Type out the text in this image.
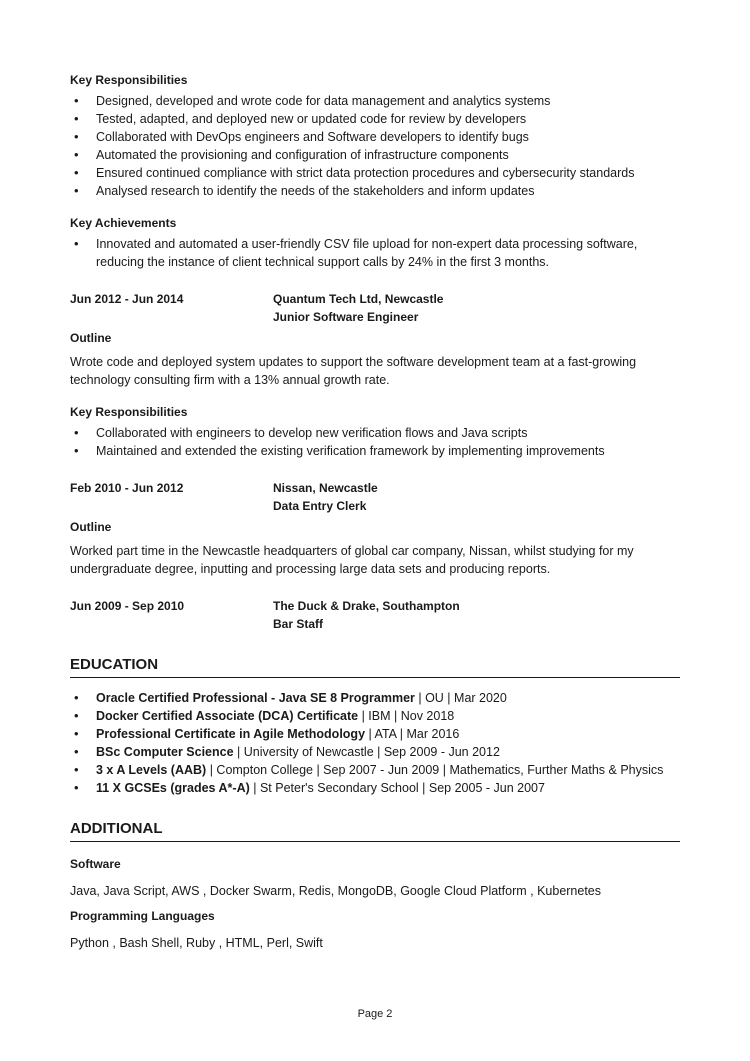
Key Responsibilities
• Designed, developed and wrote code for data management and analytics systems
• Tested, adapted, and deployed new or updated code for review by developers
• Collaborated with DevOps engineers and Software developers to identify bugs
• Automated the provisioning and configuration of infrastructure components
• Ensured continued compliance with strict data protection procedures and cybersecurity standards
• Analysed research to identify the needs of the stakeholders and inform updates
Key Achievements
• Innovated and automated a user-friendly CSV file upload for non-expert data processing software, reducing the instance of client technical support calls by 24% in the first 3 months.
Jun 2012 - Jun 2014	Quantum Tech Ltd, Newcastle
Junior Software Engineer
Outline

Wrote code and deployed system updates to support the software development team at a fast-growing technology consulting firm with a 13% annual growth rate.

Key Responsibilities
• Collaborated with engineers to develop new verification flows and Java scripts
• Maintained and extended the existing verification framework by implementing improvements
Feb 2010 - Jun 2012	Nissan, Newcastle
Data Entry Clerk
Outline

Worked part time in the Newcastle headquarters of global car company, Nissan, whilst studying for my undergraduate degree, inputting and processing large data sets and producing reports.

Jun 2009 - Sep 2010	The Duck & Drake, Southampton
Bar Staff
EDUCATION
• Oracle Certified Professional - Java SE 8 Programmer | OU | Mar 2020
• Docker Certified Associate (DCA) Certificate | IBM | Nov 2018
• Professional Certificate in Agile Methodology | ATA | Mar 2016
• BSc Computer Science | University of Newcastle | Sep 2009 - Jun 2012
• 3 x A Levels (AAB) | Compton College | Sep 2007 - Jun 2009 | Mathematics, Further Maths & Physics
• 11 X GCSEs (grades A*-A) | St Peter's Secondary School | Sep 2005 - Jun 2007
ADDITIONAL
Software

Java, Java Script, AWS , Docker Swarm, Redis, MongoDB, Google Cloud Platform , Kubernetes

Programming Languages

Python , Bash Shell, Ruby , HTML, Perl, Swift

Page 2
